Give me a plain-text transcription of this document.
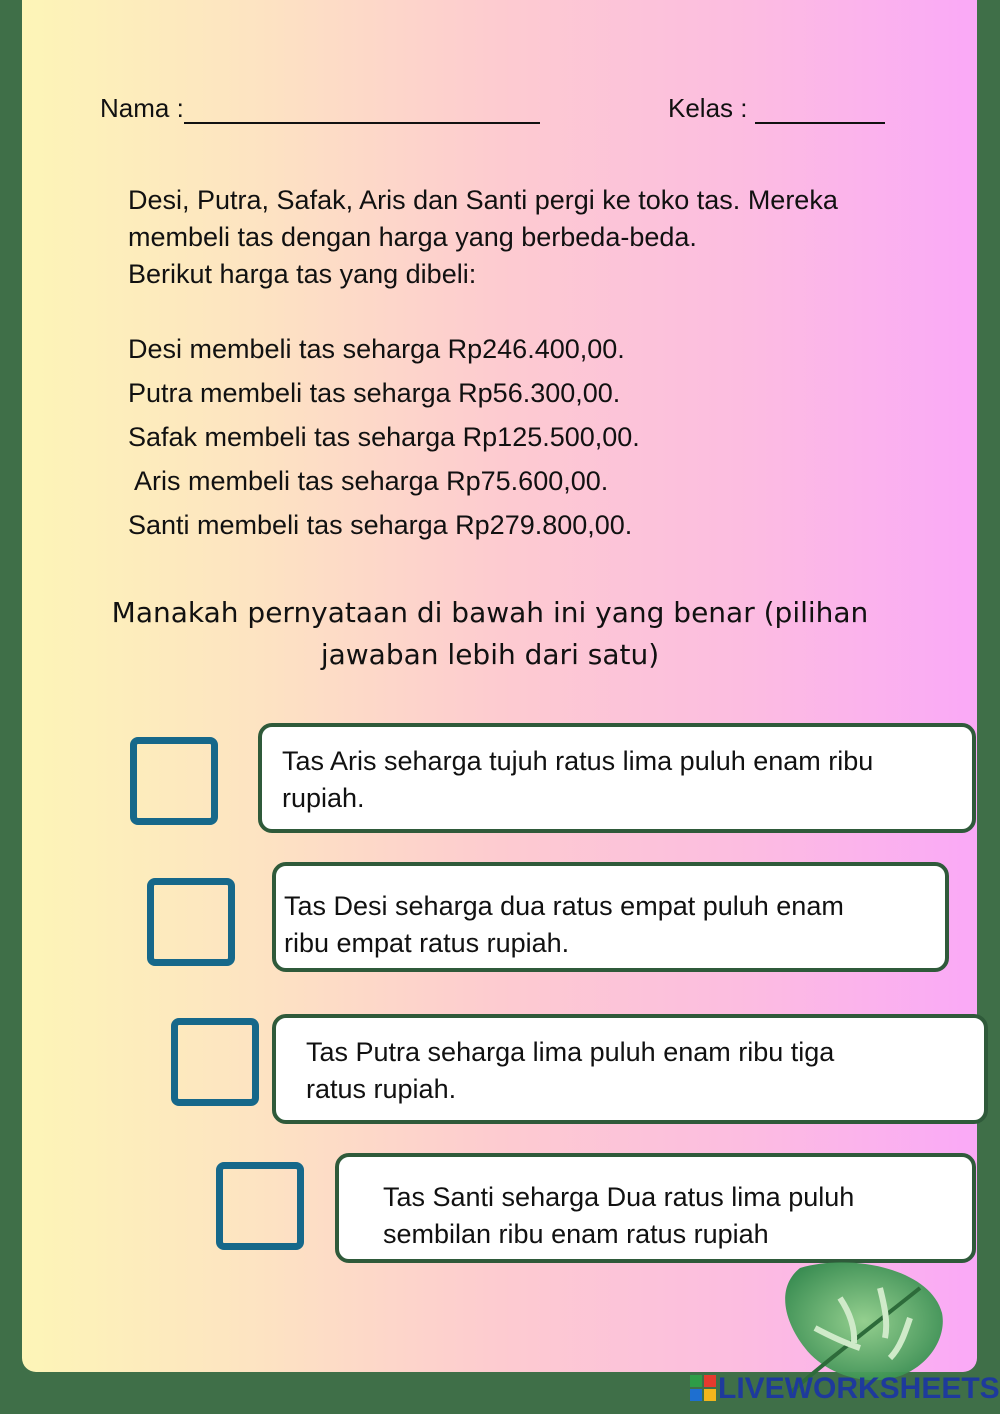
Nama :	Kelas :

Desi, Putra, Safak, Aris dan Santi pergi ke toko tas. Mereka

membeli tas dengan harga yang berbeda-beda.

Berikut harga tas yang dibeli:

Desi membeli tas seharga Rp246.400,00.
Putra membeli tas seharga Rp56.300,00.
Safak membeli tas seharga Rp125.500,00.
Aris membeli tas seharga Rp75.600,00.
Santi membeli tas seharga Rp279.800,00.
Manakah pernyataan di bawah ini yang benar (pilihan
jawaban lebih dari satu)
Tas Aris seharga tujuh ratus lima puluh enam ribu
rupiah.
Tas Desi seharga dua ratus empat puluh enam
ribu empat ratus rupiah.
Tas Putra seharga lima puluh enam ribu tiga
ratus rupiah.
Tas Santi seharga Dua ratus lima puluh
sembilan ribu enam ratus rupiah
LIVEWORKSHEETS
